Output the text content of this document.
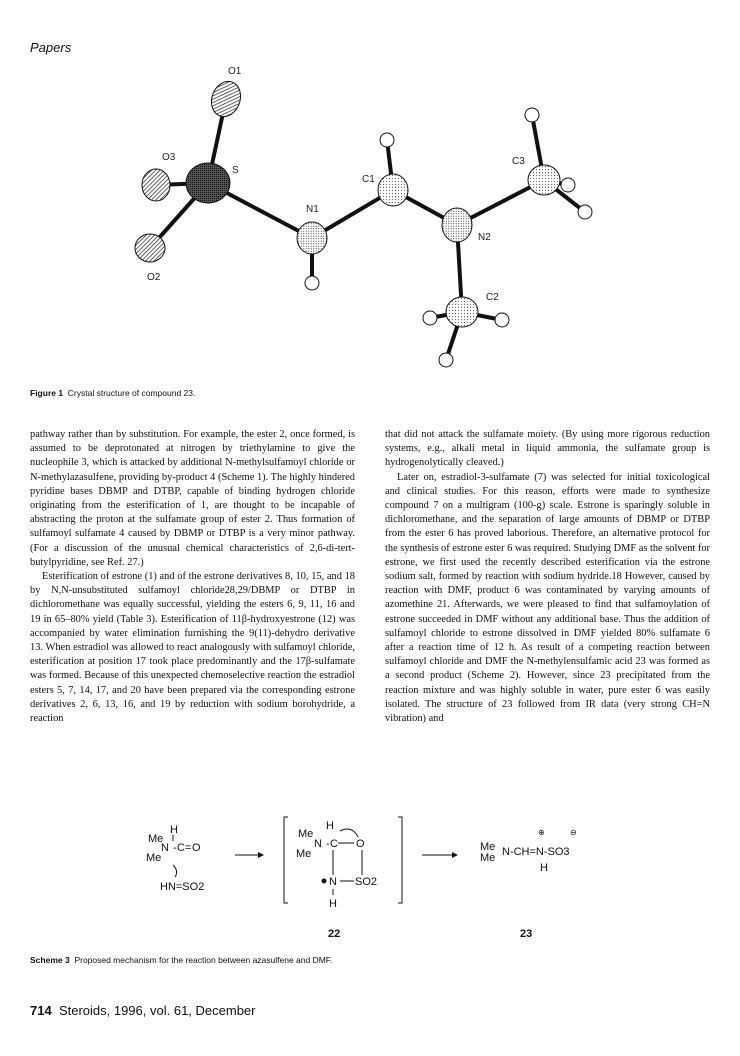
Papers
O1
O3
S
O2
N1
C1
N2
C2
C3
Figure 1 Crystal structure of compound 23.

pathway rather than by substitution. For example, the ester 2, once formed, is assumed to be deprotonated at nitrogen by triethylamine to give the nucleophile 3, which is attacked by additional N-methylsulfamoyl chloride or N-methylazasulfene, providing by-product 4 (Scheme 1). The highly hindered pyridine bases DBMP and DTBP, capable of binding hydrogen chloride originating from the esterification of 1, are thought to be incapable of abstracting the proton at the sulfamate group of ester 2. Thus formation of sulfamoyl sulfamate 4 caused by DBMP or DTBP is a very minor pathway. (For a discussion of the unusual chemical characteristics of 2,6-di-tert-butylpyridine, see Ref. 27.)

Esterification of estrone (1) and of the estrone derivatives 8, 10, 15, and 18 by N,N-unsubstituted sulfamoyl chloride28,29/DBMP or DTBP in dichloromethane was equally successful, yielding the esters 6, 9, 11, 16 and 19 in 65–80% yield (Table 3). Esterification of 11β-hydroxyestrone (12) was accompanied by water elimination furnishing the 9(11)-dehydro derivative 13. When estradiol was allowed to react analogously with sulfamoyl chloride, esterification at position 17 took place predominantly and the 17β-sulfamate was formed. Because of this unexpected chemoselective reaction the estradiol esters 5, 7, 14, 17, and 20 have been prepared via the corresponding estrone derivatives 2, 6, 13, 16, and 19 by reduction with sodium borohydride, a reaction

that did not attack the sulfamate moiety. (By using more rigorous reduction systems, e.g., alkali metal in liquid ammonia, the sulfamate group is hydrogenolytically cleaved.)

Later on, estradiol-3-sulfamate (7) was selected for initial toxicological and clinical studies. For this reason, efforts were made to synthesize compound 7 on a multigram (100-g) scale. Estrone is sparingly soluble in dichloromethane, and the separation of large amounts of DBMP or DTBP from the ester 6 has proved laborious. Therefore, an alternative protocol for the synthesis of estrone ester 6 was required. Studying DMF as the solvent for estrone, we first used the recently described esterification via the estrone sodium salt, formed by reaction with sodium hydride.18 However, caused by reaction with DMF, product 6 was contaminated by varying amounts of azomethine 21. Afterwards, we were pleased to find that sulfamoylation of estrone succeeded in DMF without any additional base. Thus the addition of sulfamoyl chloride to estrone dissolved in DMF yielded 80% sulfamate 6 after a reaction time of 12 h. As result of a competing reaction between sulfamoyl chloride and DMF the N-methylensulfamic acid 23 was formed as a second product (Scheme 2). However, since 23 precipitated from the reaction mixture and was highly soluble in water, pure ester 6 was easily isolated. The structure of 23 followed from IR data (very strong CH=N vibration) and

Me
H
N - C = O
Me
HN=SO2
Me
H
N - C O
Me
N SO2
H
⊕	⊖
Me
Me N-CH=N-SO3
H
22	23
Scheme 3 Proposed mechanism for the reaction between azasulfene and DMF.
714 Steroids, 1996, vol. 61, December
